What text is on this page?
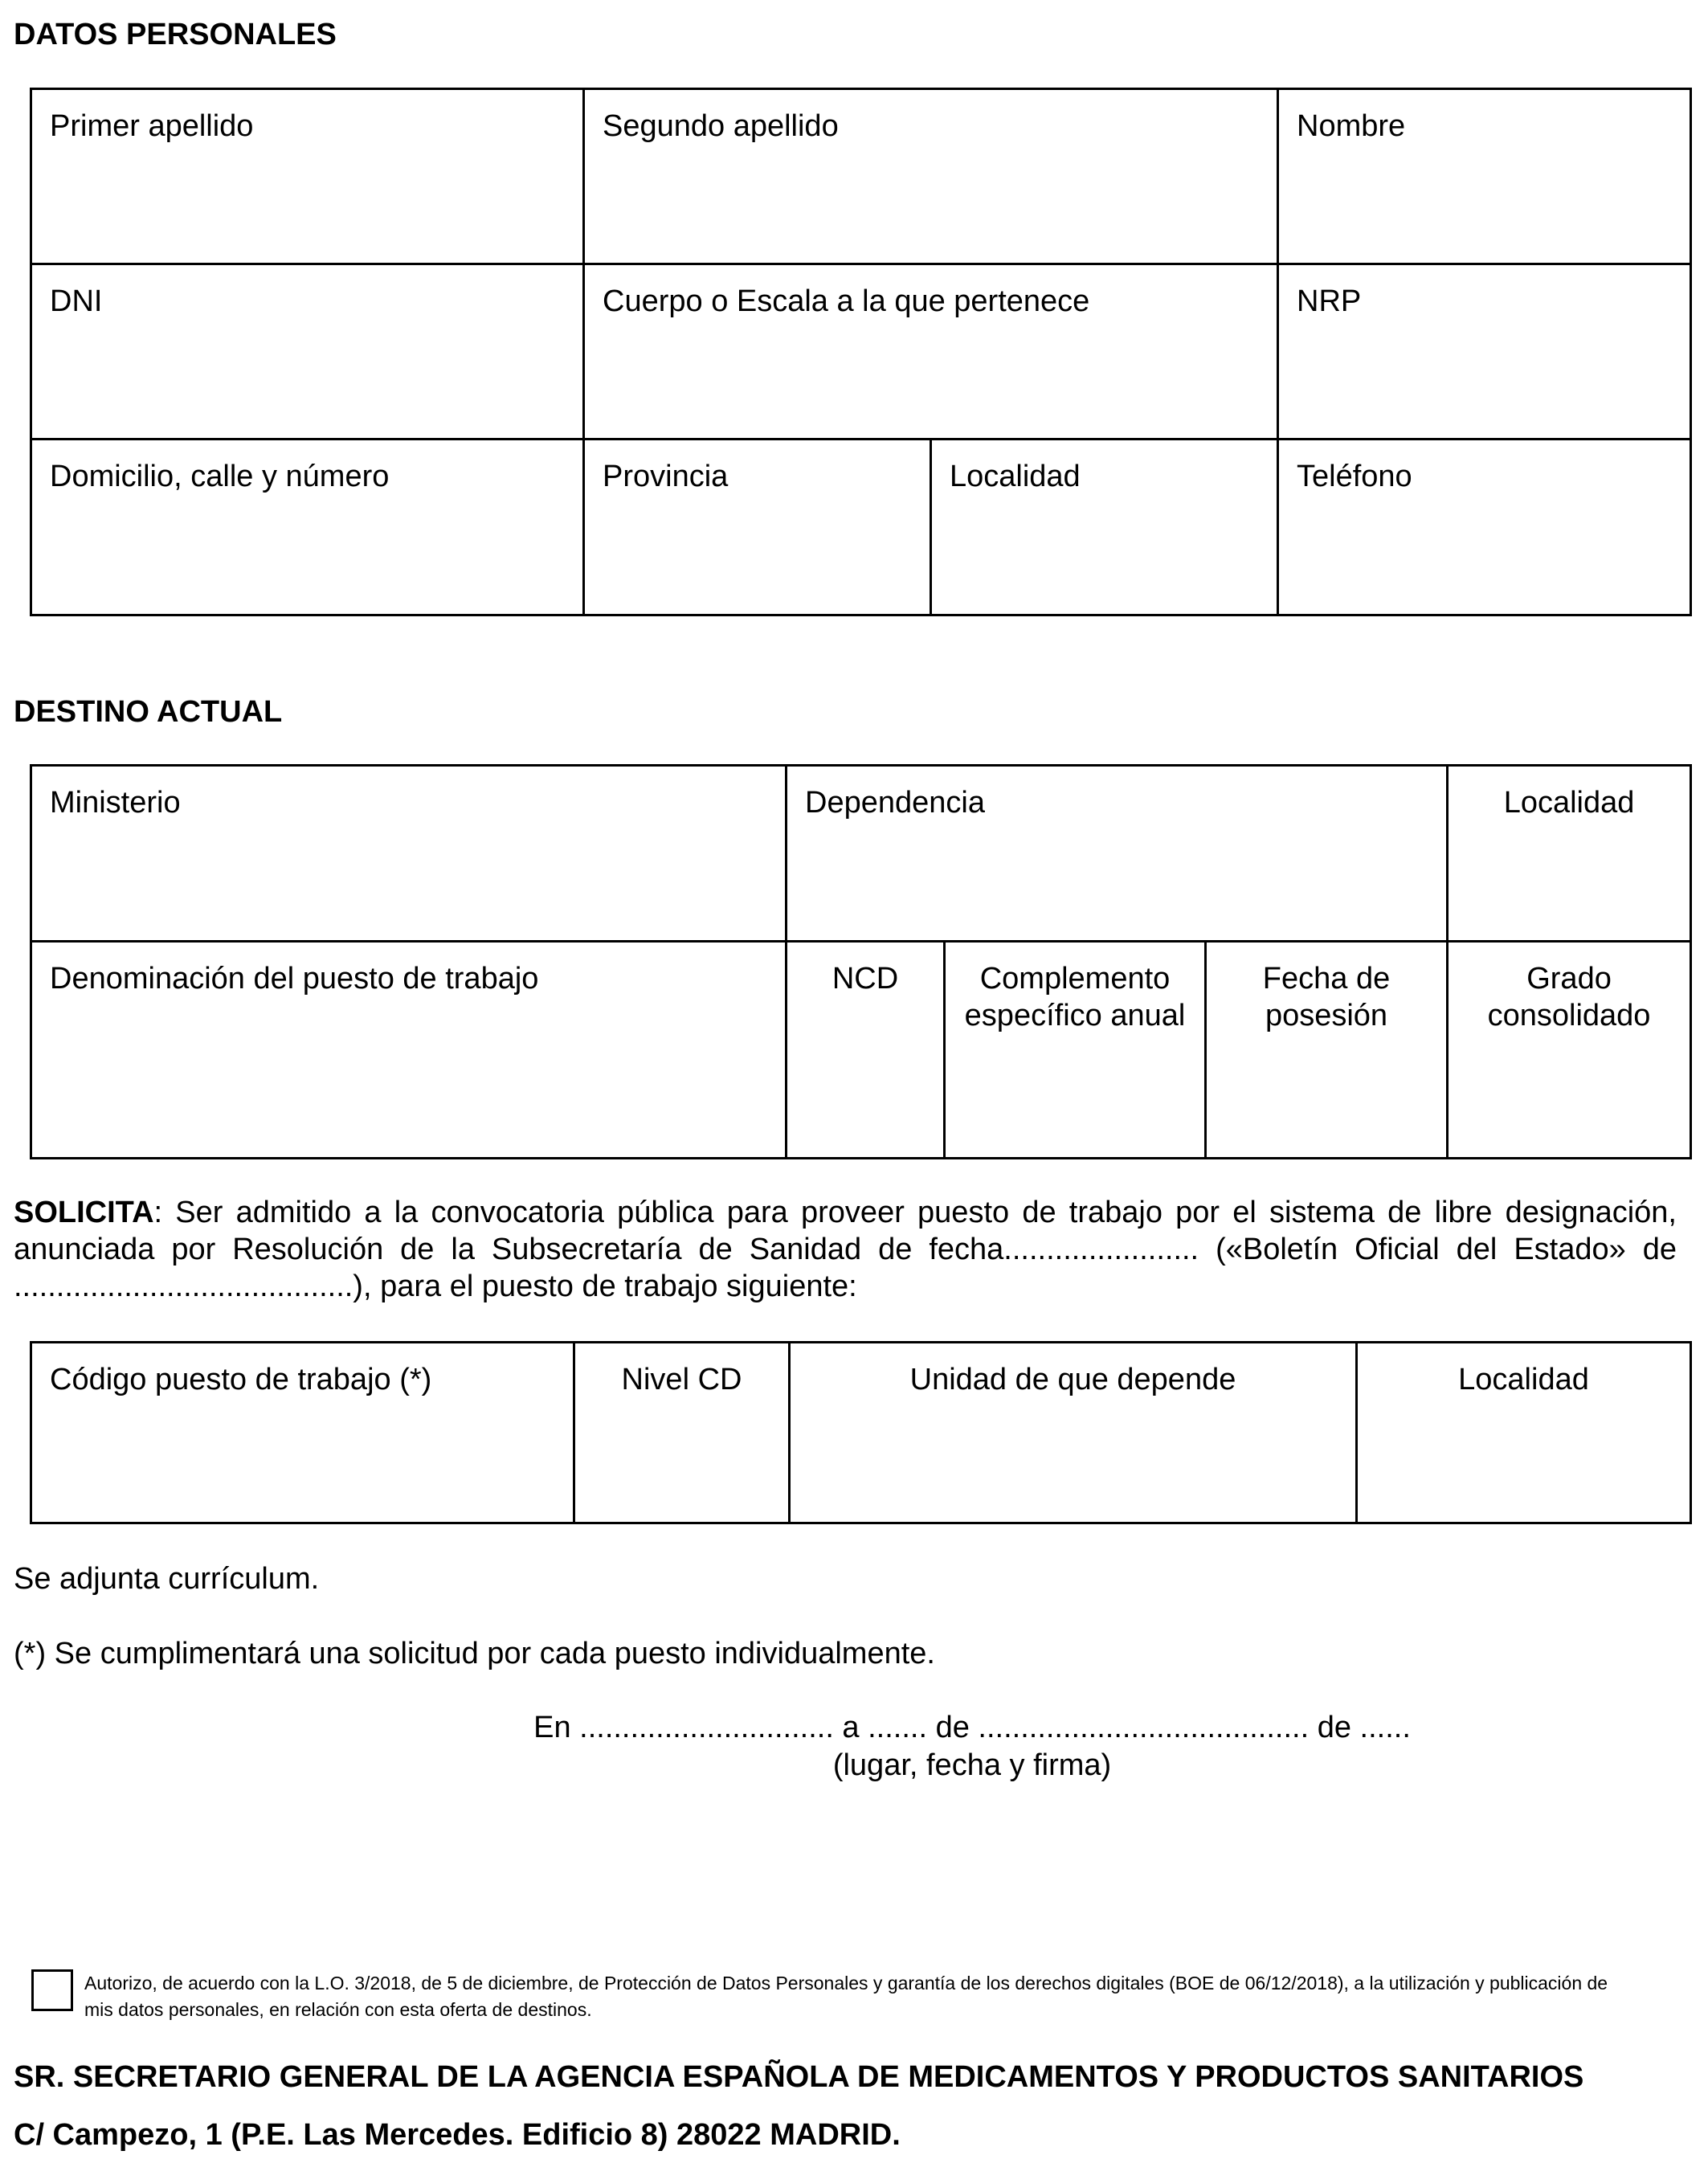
DATOS PERSONALES
Primer apellido	Segundo apellido		Nombre

DNI	Cuerpo o Escala a la que pertenece		NRP

Domicilio, calle y número	Provincia	Localidad	Teléfono
DESTINO ACTUAL
Ministerio	Dependencia			Localidad

Denominación del puesto de trabajo	NCD	Complemento específico anual	Fecha de posesión	Grado consolidado
SOLICITA: Ser admitido a la convocatoria pública para proveer puesto de trabajo por el sistema de libre designación, anunciada por Resolución de la Subsecretaría de Sanidad de fecha....................... («Boletín Oficial del Estado» de ........................................), para el puesto de trabajo siguiente:
Código puesto de trabajo (*)	Nivel CD	Unidad de que depende	Localidad
Se adjunta currículum.
(*) Se cumplimentará una solicitud por cada puesto individualmente.
En .............................. a ....... de ....................................... de ......
(lugar, fecha y firma)
Autorizo, de acuerdo con la L.O. 3/2018, de 5 de diciembre, de Protección de Datos Personales y garantía de los derechos digitales (BOE de 06/12/2018), a la utilización y publicación de mis datos personales, en relación con esta oferta de destinos.
SR. SECRETARIO GENERAL DE LA AGENCIA ESPAÑOLA DE MEDICAMENTOS Y PRODUCTOS SANITARIOS
C/ Campezo, 1 (P.E. Las Mercedes. Edificio 8) 28022 MADRID.
